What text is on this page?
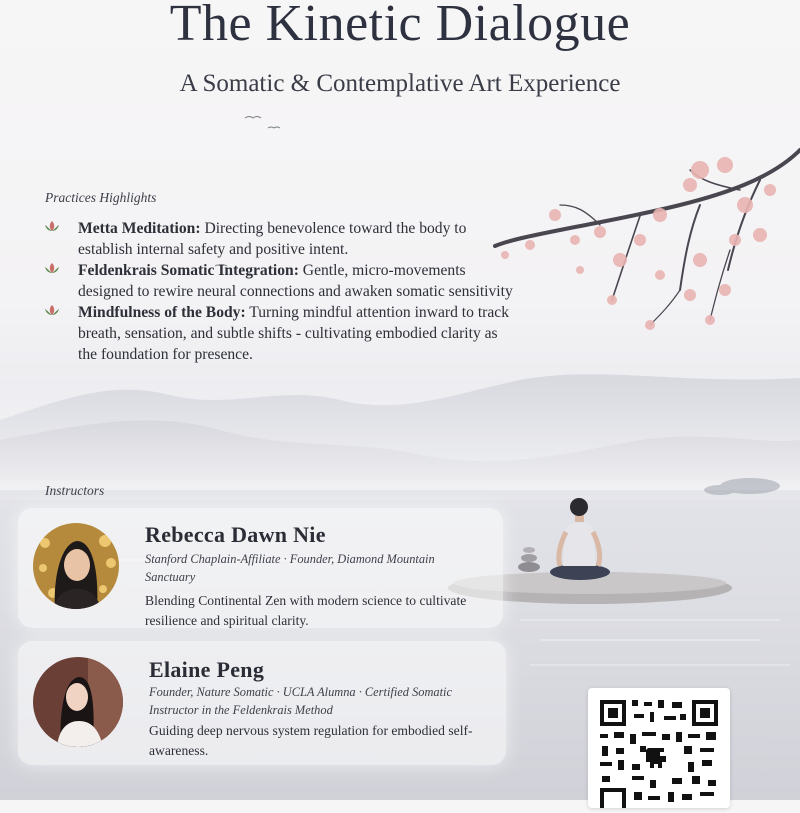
The Kinetic Dialogue
A Somatic & Contemplative Art Experience
Practices Highlights
Metta Meditation: Directing benevolence toward the body to establish internal safety and positive intent.
Feldenkrais Somatic Integration: Gentle, micro-movements designed to rewire neural connections and awaken somatic sensitivity
Mindfulness of the Body: Turning mindful attention inward to track breath, sensation, and subtle shifts - cultivating embodied clarity as the foundation for presence.
Instructors
Rebecca Dawn Nie
Stanford Chaplain-Affiliate · Founder, Diamond Mountain Sanctuary
Blending Continental Zen with modern science to cultivate resilience and spiritual clarity.
Elaine Peng
Founder, Nature Somatic · UCLA Alumna · Certified Somatic Instructor in the Feldenkrais Method
Guiding deep nervous system regulation for embodied self-awareness.
